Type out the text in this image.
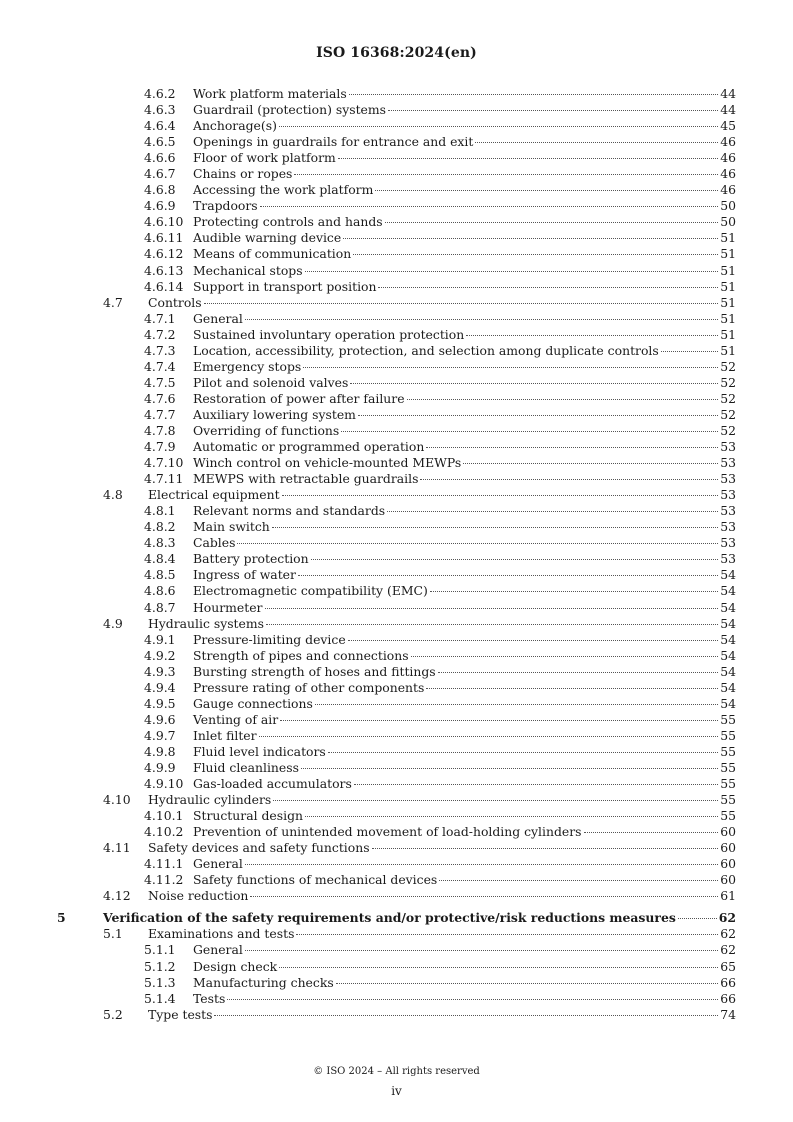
ISO 16368:2024(en)
4.6.2 Work platform materials	44
4.6.3 Guardrail (protection) systems	44
4.6.4 Anchorage(s)	45
4.6.5 Openings in guardrails for entrance and exit	46
4.6.6 Floor of work platform	46
4.6.7 Chains or ropes	46
4.6.8 Accessing the work platform	46
4.6.9 Trapdoors	50
4.6.10 Protecting controls and hands	50
4.6.11 Audible warning device	51
4.6.12 Means of communication	51
4.6.13 Mechanical stops	51
4.6.14 Support in transport position	51
4.7 Controls	51
4.7.1 General	51
4.7.2 Sustained involuntary operation protection	51
4.7.3 Location, accessibility, protection, and selection among duplicate controls	51
4.7.4 Emergency stops	52
4.7.5 Pilot and solenoid valves	52
4.7.6 Restoration of power after failure	52
4.7.7 Auxiliary lowering system	52
4.7.8 Overriding of functions	52
4.7.9 Automatic or programmed operation	53
4.7.10 Winch control on vehicle-mounted MEWPs	53
4.7.11 MEWPS with retractable guardrails	53
4.8 Electrical equipment	53
4.8.1 Relevant norms and standards	53
4.8.2 Main switch	53
4.8.3 Cables	53
4.8.4 Battery protection	53
4.8.5 Ingress of water	54
4.8.6 Electromagnetic compatibility (EMC)	54
4.8.7 Hourmeter	54
4.9 Hydraulic systems	54
4.9.1 Pressure-limiting device	54
4.9.2 Strength of pipes and connections	54
4.9.3 Bursting strength of hoses and fittings	54
4.9.4 Pressure rating of other components	54
4.9.5 Gauge connections	54
4.9.6 Venting of air	55
4.9.7 Inlet filter	55
4.9.8 Fluid level indicators	55
4.9.9 Fluid cleanliness	55
4.9.10 Gas-loaded accumulators	55
4.10 Hydraulic cylinders	55
4.10.1 Structural design	55
4.10.2 Prevention of unintended movement of load-holding cylinders	60
4.11 Safety devices and safety functions	60
4.11.1 General	60
4.11.2 Safety functions of mechanical devices	60
4.12 Noise reduction	61
5	Verification of the safety requirements and/or protective/risk reductions measures	62
5.1 Examinations and tests	62
5.1.1 General	62
5.1.2 Design check	65
5.1.3 Manufacturing checks	66
5.1.4 Tests	66
5.2 Type tests	74
© ISO 2024 – All rights reserved
iv
